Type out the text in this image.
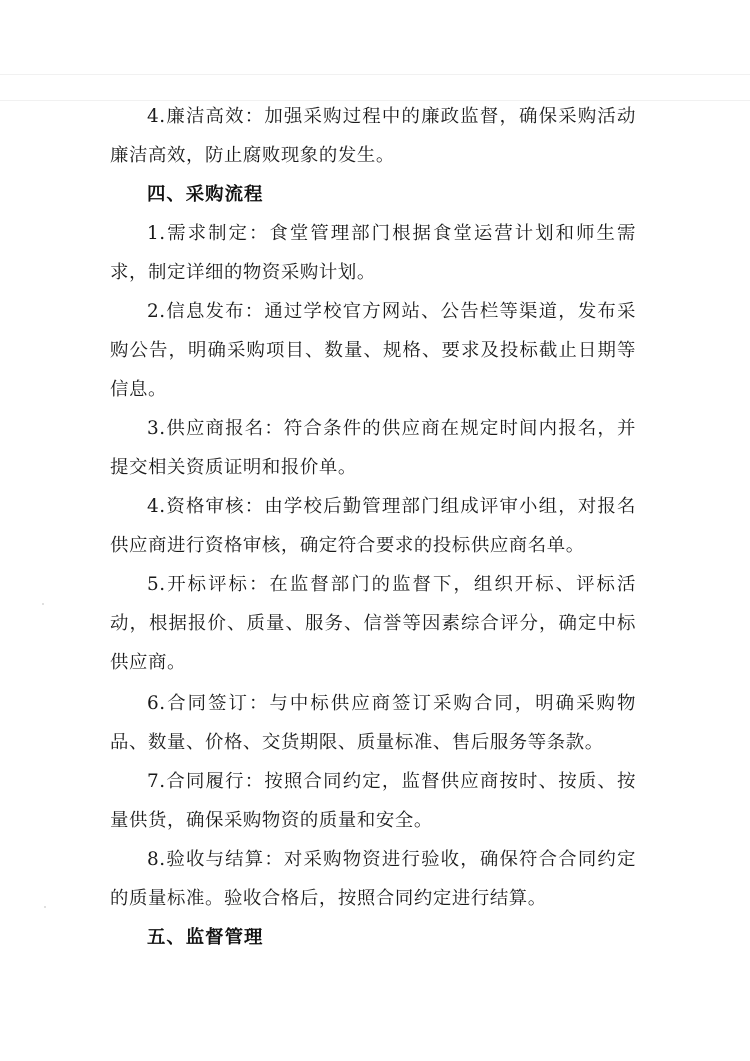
4.廉洁高效：加强采购过程中的廉政监督，确保采购活动廉洁高效，防止腐败现象的发生。

四、采购流程

1.需求制定：食堂管理部门根据食堂运营计划和师生需求，制定详细的物资采购计划。

2.信息发布：通过学校官方网站、公告栏等渠道，发布采购公告，明确采购项目、数量、规格、要求及投标截止日期等信息。

3.供应商报名：符合条件的供应商在规定时间内报名，并提交相关资质证明和报价单。

4.资格审核：由学校后勤管理部门组成评审小组，对报名供应商进行资格审核，确定符合要求的投标供应商名单。

5.开标评标：在监督部门的监督下，组织开标、评标活动，根据报价、质量、服务、信誉等因素综合评分，确定中标供应商。

6.合同签订：与中标供应商签订采购合同，明确采购物品、数量、价格、交货期限、质量标准、售后服务等条款。

7.合同履行：按照合同约定，监督供应商按时、按质、按量供货，确保采购物资的质量和安全。

8.验收与结算：对采购物资进行验收，确保符合合同约定的质量标准。验收合格后，按照合同约定进行结算。

五、监督管理
